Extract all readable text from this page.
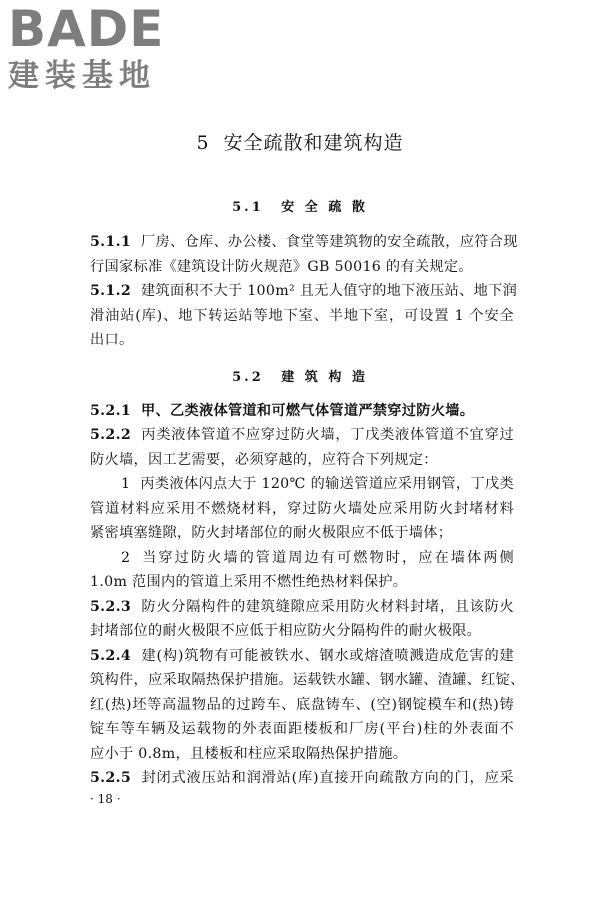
BADE
建装基地
5 安全疏散和建筑构造
5.1 安 全 疏 散
5.1.1 厂房、仓库、办公楼、食堂等建筑物的安全疏散，应符合现
行国家标准《建筑设计防火规范》GB 50016 的有关规定。
5.1.2 建筑面积不大于 100m² 且无人值守的地下液压站、地下润
滑油站(库)、地下转运站等地下室、半地下室，可设置 1 个安全
出口。
5.2 建 筑 构 造
5.2.1 甲、乙类液体管道和可燃气体管道严禁穿过防火墙。
5.2.2 丙类液体管道不应穿过防火墙，丁戊类液体管道不宜穿过
防火墙，因工艺需要，必须穿越的，应符合下列规定：
1 丙类液体闪点大于 120℃ 的输送管道应采用钢管，丁戊类
管道材料应采用不燃烧材料，穿过防火墙处应采用防火封堵材料
紧密填塞缝隙，防火封堵部位的耐火极限应不低于墙体；
2 当穿过防火墙的管道周边有可燃物时，应在墙体两侧
1.0m 范围内的管道上采用不燃性绝热材料保护。
5.2.3 防火分隔构件的建筑缝隙应采用防火材料封堵，且该防火
封堵部位的耐火极限不应低于相应防火分隔构件的耐火极限。
5.2.4 建(构)筑物有可能被铁水、钢水或熔渣喷溅造成危害的建
筑构件，应采取隔热保护措施。运载铁水罐、钢水罐、渣罐、红锭、
红(热)坯等高温物品的过跨车、底盘铸车、(空)钢锭模车和(热)铸
锭车等车辆及运载物的外表面距楼板和厂房(平台)柱的外表面不
应小于 0.8m，且楼板和柱应采取隔热保护措施。
5.2.5 封闭式液压站和润滑站(库)直接开向疏散方向的门，应采
· 18 ·
